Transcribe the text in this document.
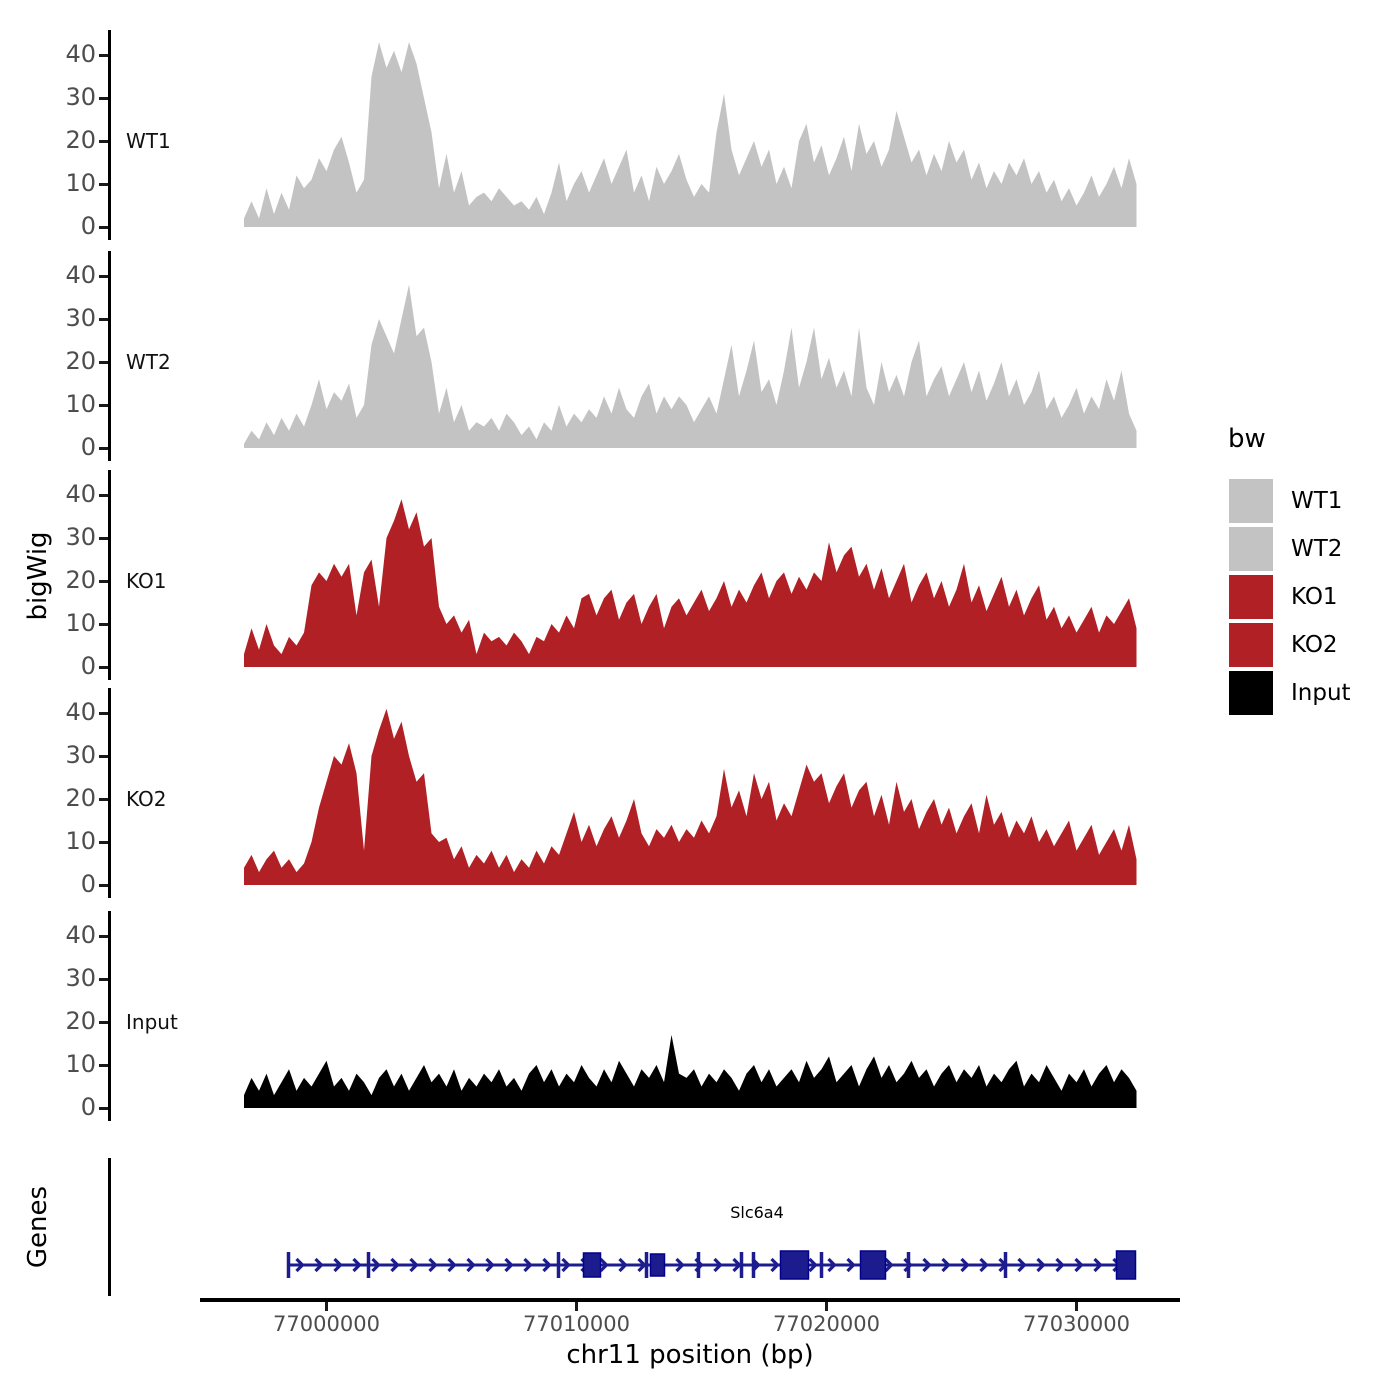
bigWig
Genes
0
10
20
30
40
WT1
0
10
20
30
40
WT2
0
10
20
30
40
KO1
0
10
20
30
40
KO2
0
10
20
30
40
Input
Slc6a4
77000000	77010000	77020000	77030000
chr11 position (bp)
bw
WT1
WT2
KO1
KO2
Input
